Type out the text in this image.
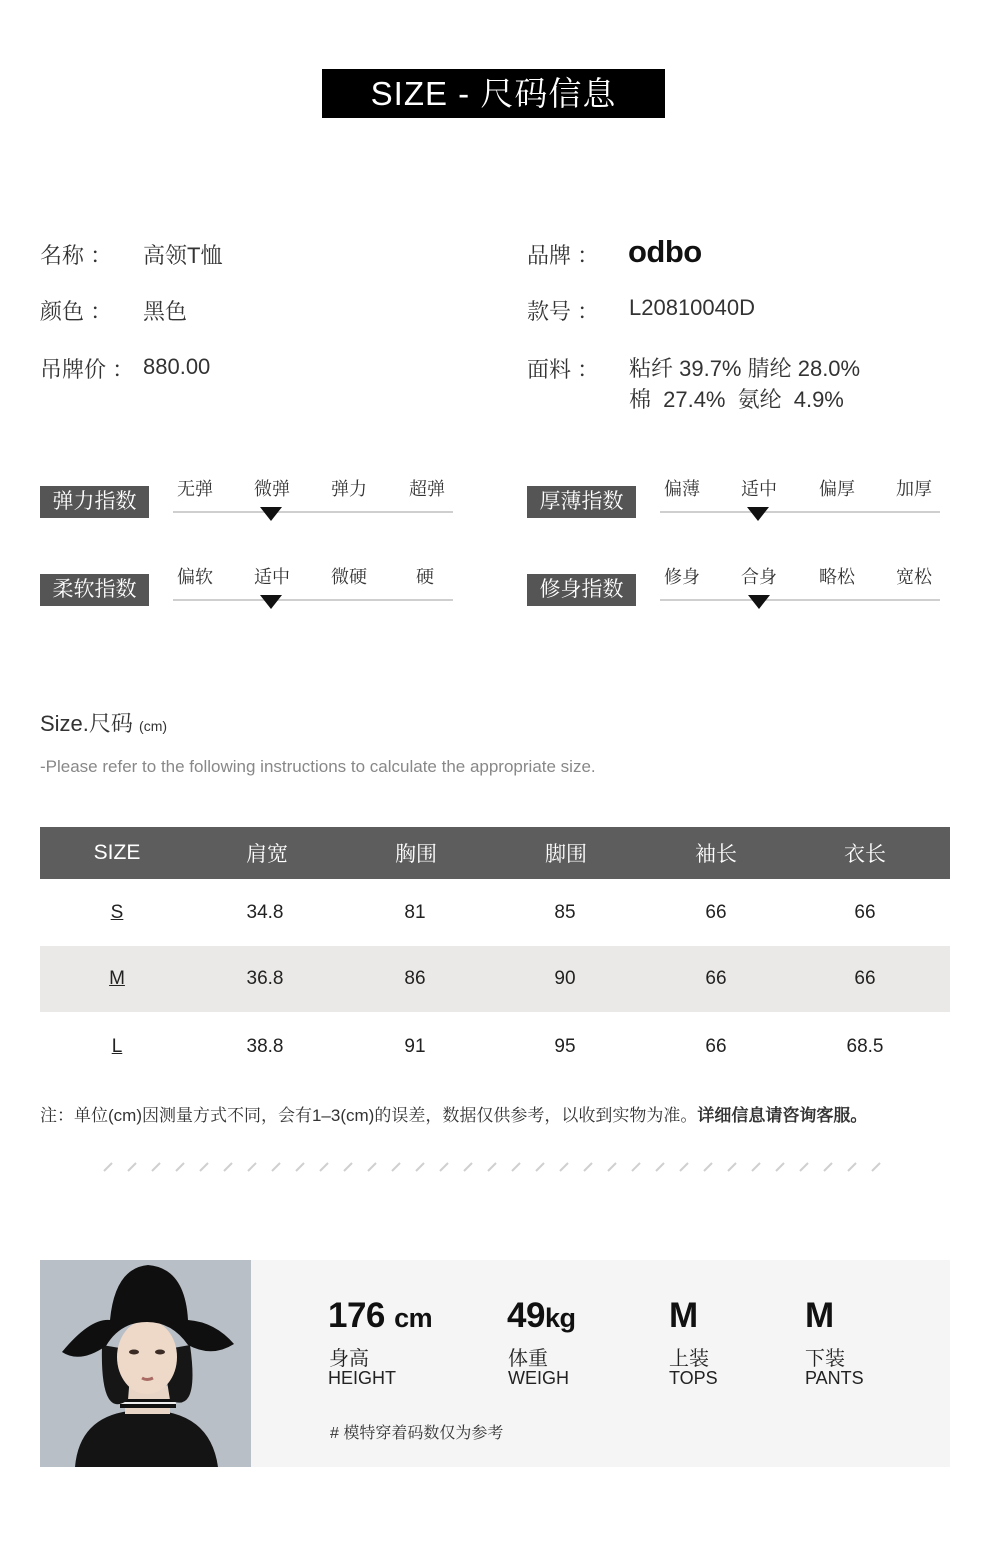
SIZE - 尺码信息
名称 ： 高领T恤
颜色 ： 黑色
吊牌价 ： 880.00
品牌 ： odbo
款号 ： L20810040D
面料 ： 粘纤 39.7% 腈纶 28.0%
棉 27.4% 氨纶 4.9%
弹力指数
无弹 微弹 弹力 超弹
厚薄指数
偏薄 适中 偏厚 加厚
柔软指数
偏软 适中 微硬	硬
修身指数
修身 合身 略松 宽松
Size.尺码 (cm)
-Please refer to the following instructions to calculate the appropriate size.
SIZE	肩宽	胸围	脚围	袖长	衣长
S	34.8	81	85	66	66
M	36.8	86	90	66	66
L	38.8	91	95	66	68.5
注：单位(cm)因测量方式不同，会有1–3(cm)的误差，数据仅供参考，以收到实物为准。详细信息请咨询客服。
176 cm
身高
HEIGHT
49kg
体重
WEIGH
M
上装
TOPS
M
下装
PANTS
# 模特穿着码数仅为参考
